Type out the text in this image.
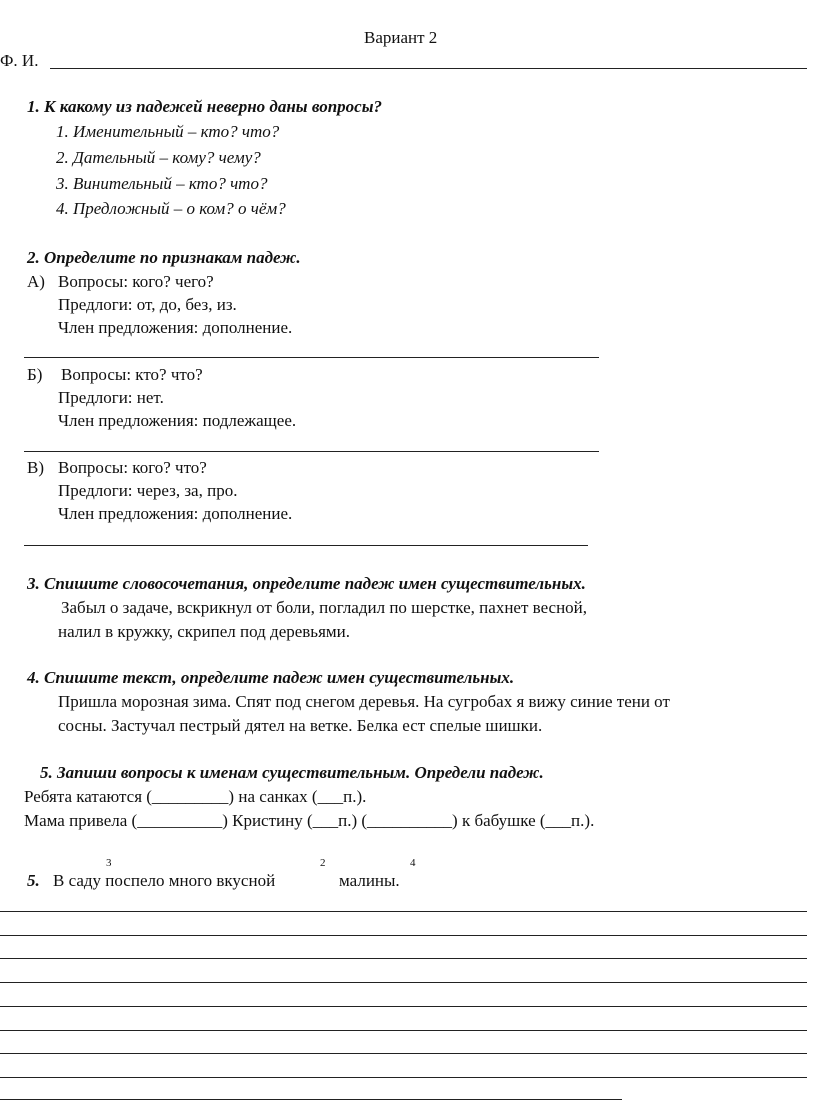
Вариант 2
Ф. И.
1. К какому из падежей неверно даны вопросы?
1. Именительный – кто? что?
2. Дательный – кому? чему?
3. Винительный – кто? что?
4. Предложный – о ком? о чём?
2. Определите по признакам падеж.
А) Вопросы: кого? чего?
Предлоги: от, до, без, из.
Член предложения: дополнение.
Б) Вопросы: кто? что?
Предлоги: нет.
Член предложения: подлежащее.
В) Вопросы: кого? что?
Предлоги: через, за, про.
Член предложения: дополнение.
3. Спишите словосочетания, определите падеж имен существительных.
Забыл о задаче, вскрикнул от боли, погладил по шерстке, пахнет весной,
налил в кружку, скрипел под деревьями.
4. Спишите текст, определите падеж имен существительных.
Пришла морозная зима. Спят под снегом деревья. На сугробах я вижу синие тени от
сосны. Застучал пестрый дятел на ветке. Белка ест спелые шишки.
5. Запиши вопросы к именам существительным. Определи падеж.
Ребята катаются (_________) на санках (___п.).
Мама привела (__________) Кристину (___п.) (__________) к бабушке (___п.).
3	2	4
5. В саду поспело много вкусной	малины.
